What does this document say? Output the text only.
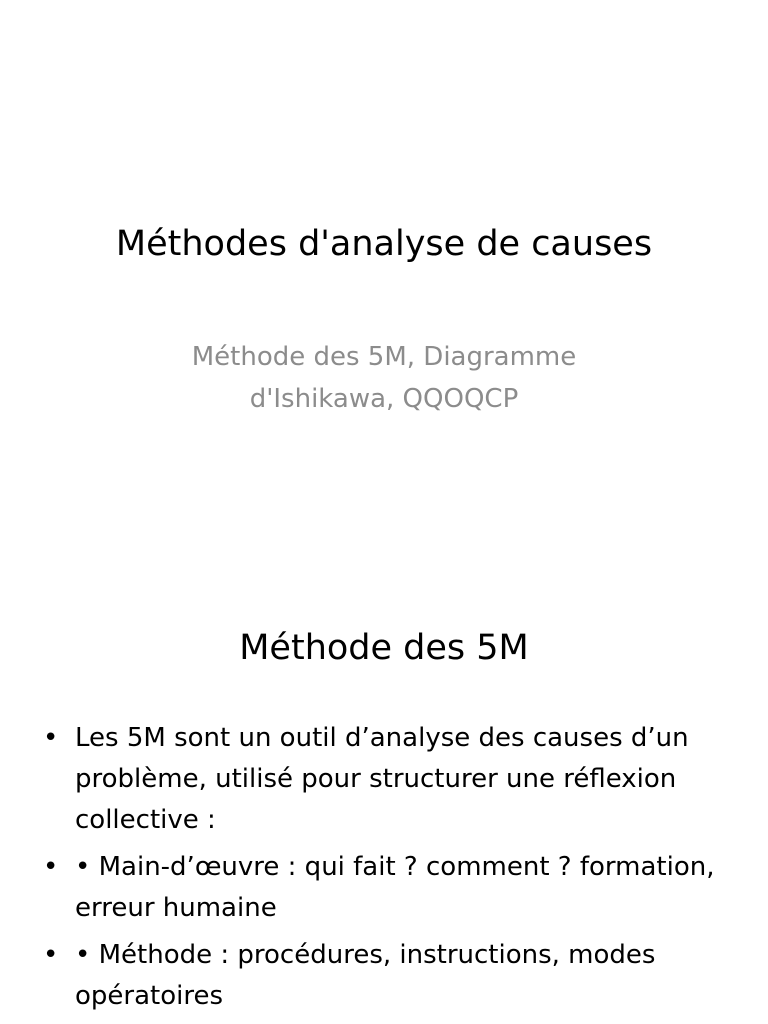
Méthodes d'analyse de causes

Méthode des 5M, Diagramme d'Ishikawa, QQOQCP

Méthode des 5M
• Les 5M sont un outil d’analyse des causes d’un problème, utilisé pour structurer une réflexion collective :
• • Main-d’œuvre : qui fait ? comment ? formation, erreur humaine
• • Méthode : procédures, instructions, modes opératoires
